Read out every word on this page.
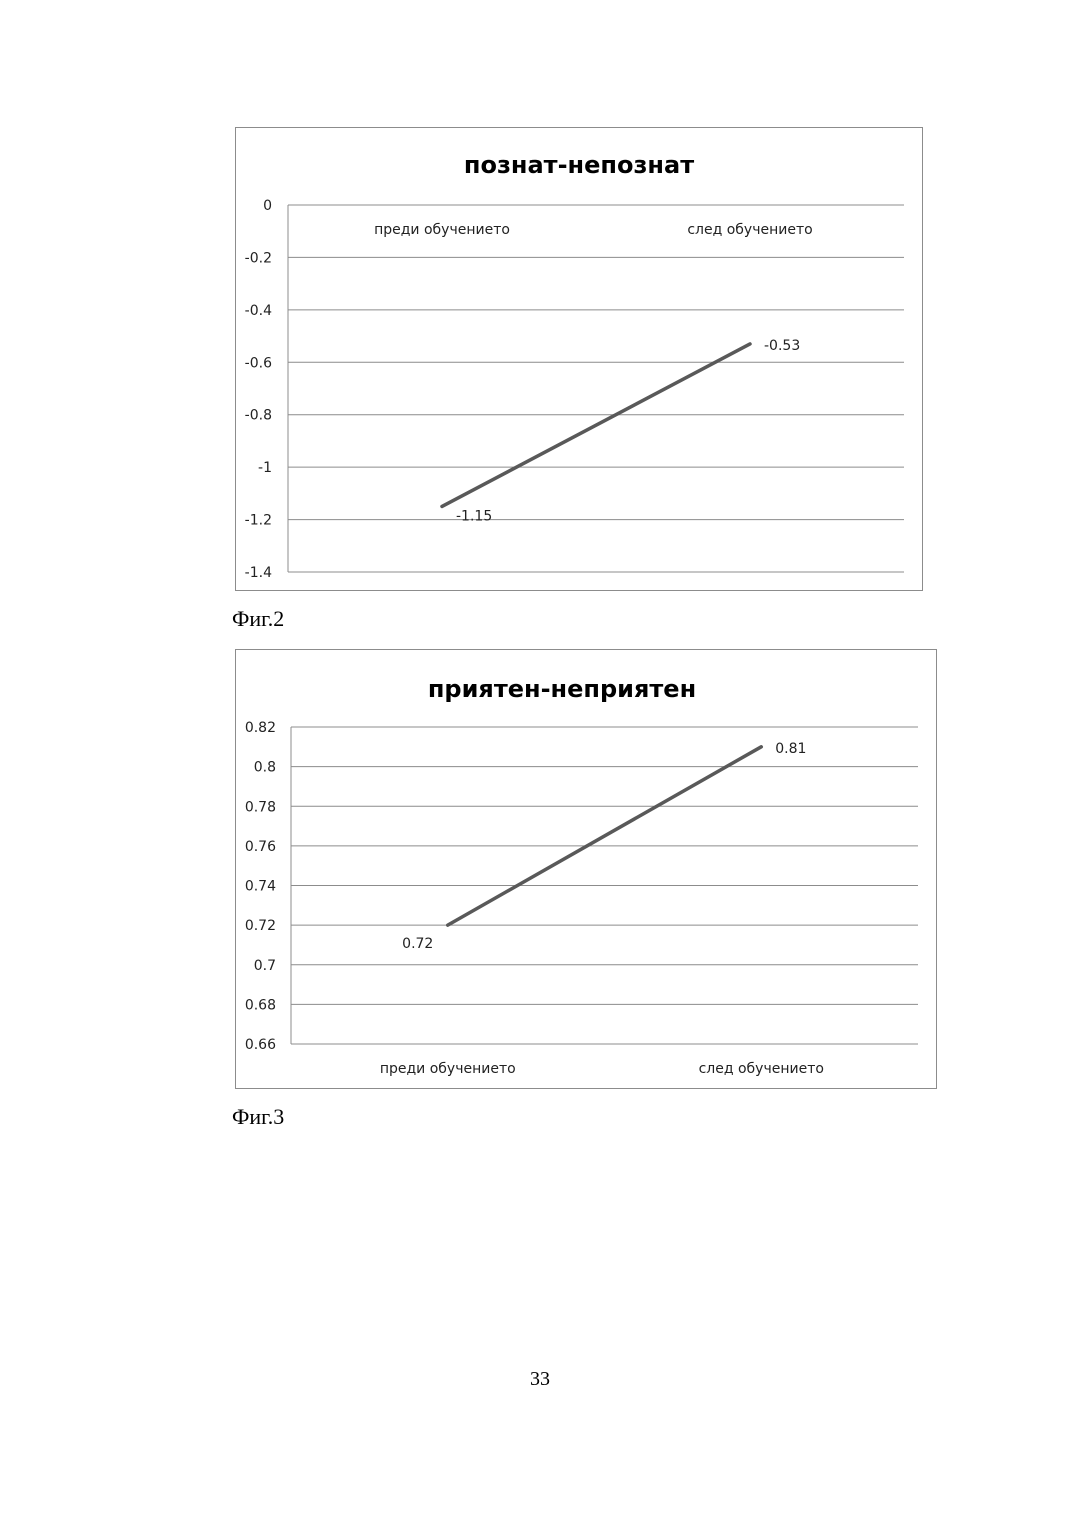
познат-непознат
0
-0.2
-0.4
-0.6
-0.8
-1
-1.2
-1.4
преди обучението	след обучението
-1.15
-0.53
Фиг.2
приятен-неприятен
0.82
0.8
0.78
0.76
0.74
0.72
0.7
0.68
0.66
преди обучението	след обучението
0.72
0.81
Фиг.3
33
